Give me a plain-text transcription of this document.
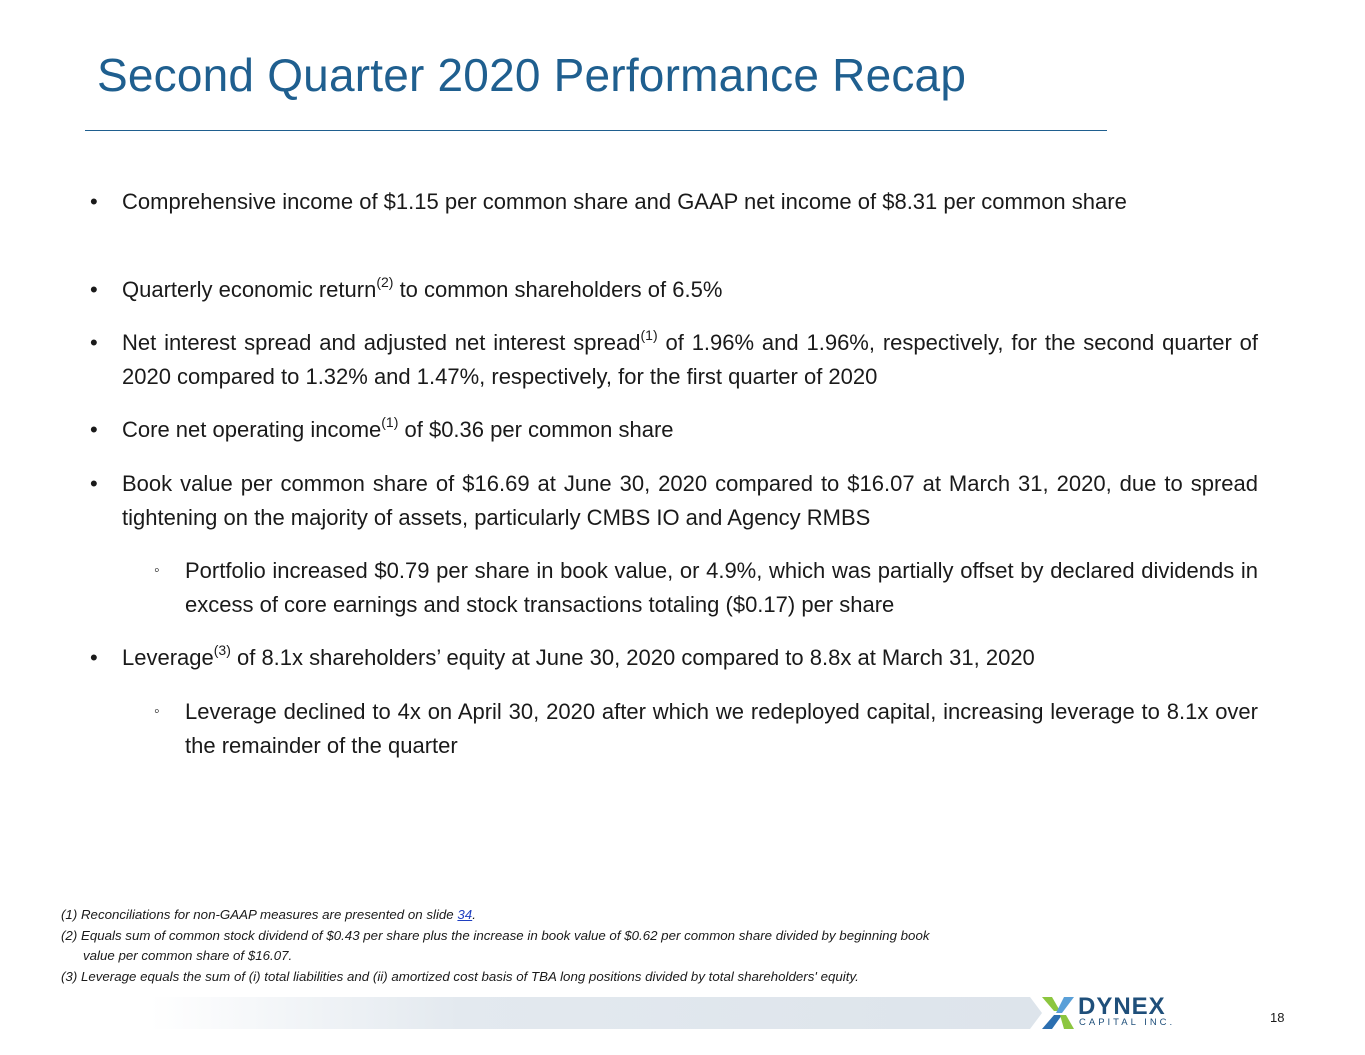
Second Quarter 2020 Performance Recap
• Comprehensive income of $1.15 per common share and GAAP net income of $8.31 per common share
• Quarterly economic return$^{(2)}$ to common shareholders of 6.5%
• Net interest spread and adjusted net interest spread$^{(1)}$ of 1.96% and 1.96%, respectively, for the second quarter of 2020 compared to 1.32% and 1.47%, respectively, for the first quarter of 2020
• Core net operating income$^{(1)}$ of $0.36 per common share
• Book value per common share of $16.69 at June 30, 2020 compared to $16.07 at March 31, 2020, due to spread tightening on the majority of assets, particularly CMBS IO and Agency RMBS
◦ Portfolio increased $0.79 per share in book value, or 4.9%, which was partially offset by declared dividends in excess of core earnings and stock transactions totaling ($0.17) per share
• Leverage$^{(3)}$ of 8.1x shareholders’ equity at June 30, 2020 compared to 8.8x at March 31, 2020
◦ Leverage declined to 4x on April 30, 2020 after which we redeployed capital, increasing leverage to 8.1x over the remainder of the quarter
(1) Reconciliations for non-GAAP measures are presented on slide 34.
(2) Equals sum of common stock dividend of $0.43 per share plus the increase in book value of $0.62 per common share divided by beginning book
value per common share of $16.07.
(3) Leverage equals the sum of (i) total liabilities and (ii) amortized cost basis of TBA long positions divided by total shareholders' equity.
DYNEX
CAPITAL INC.	18
